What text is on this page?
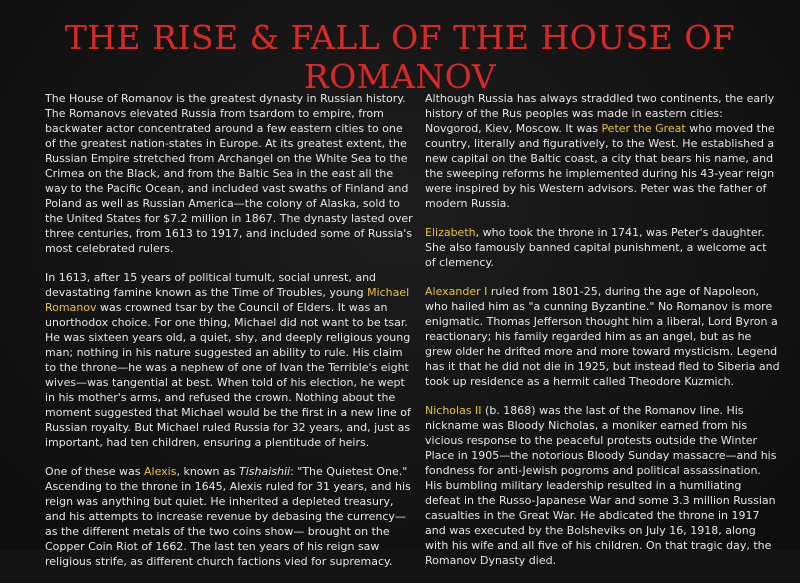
THE RISE & FALL OF THE HOUSE OF ROMANOV

The House of Romanov is the greatest dynasty in Russian history. The Romanovs elevated Russia from tsardom to empire, from backwater actor concentrated around a few eastern cities to one of the greatest nation-states in Europe. At its greatest extent, the Russian Empire stretched from Archangel on the White Sea to the Crimea on the Black, and from the Baltic Sea in the east all the way to the Pacific Ocean, and included vast swaths of Finland and Poland as well as Russian America—the colony of Alaska, sold to the United States for $7.2 million in 1867. The dynasty lasted over three centuries, from 1613 to 1917, and included some of Russia's most celebrated rulers.

In 1613, after 15 years of political tumult, social unrest, and devastating famine known as the Time of Troubles, young Michael Romanov was crowned tsar by the Council of Elders. It was an unorthodox choice. For one thing, Michael did not want to be tsar. He was sixteen years old, a quiet, shy, and deeply religious young man; nothing in his nature suggested an ability to rule. His claim to the throne—he was a nephew of one of Ivan the Terrible's eight wives—was tangential at best. When told of his election, he wept in his mother's arms, and refused the crown. Nothing about the moment suggested that Michael would be the first in a new line of Russian royalty. But Michael ruled Russia for 32 years, and, just as important, had ten children, ensuring a plentitude of heirs.

One of these was Alexis, known as Tishaishii: "The Quietest One." Ascending to the throne in 1645, Alexis ruled for 31 years, and his reign was anything but quiet. He inherited a depleted treasury, and his attempts to increase revenue by debasing the currency—as the different metals of the two coins show— brought on the Copper Coin Riot of 1662. The last ten years of his reign saw religious strife, as different church factions vied for supremacy.

Although Russia has always straddled two continents, the early history of the Rus peoples was made in eastern cities: Novgorod, Kiev, Moscow. It was Peter the Great who moved the country, literally and figuratively, to the West. He established a new capital on the Baltic coast, a city that bears his name, and the sweeping reforms he implemented during his 43-year reign were inspired by his Western advisors. Peter was the father of modern Russia.

Elizabeth, who took the throne in 1741, was Peter's daughter. She also famously banned capital punishment, a welcome act of clemency.

Alexander I ruled from 1801-25, during the age of Napoleon, who hailed him as "a cunning Byzantine." No Romanov is more enigmatic. Thomas Jefferson thought him a liberal, Lord Byron a reactionary; his family regarded him as an angel, but as he grew older he drifted more and more toward mysticism. Legend has it that he did not die in 1925, but instead fled to Siberia and took up residence as a hermit called Theodore Kuzmich.

Nicholas II (b. 1868) was the last of the Romanov line. His nickname was Bloody Nicholas, a moniker earned from his vicious response to the peaceful protests outside the Winter Place in 1905—the notorious Bloody Sunday massacre—and his fondness for anti-Jewish pogroms and political assassination. His bumbling military leadership resulted in a humiliating defeat in the Russo-Japanese War and some 3.3 million Russian casualties in the Great War. He abdicated the throne in 1917 and was executed by the Bolsheviks on July 16, 1918, along with his wife and all five of his children. On that tragic day, the Romanov Dynasty died.
